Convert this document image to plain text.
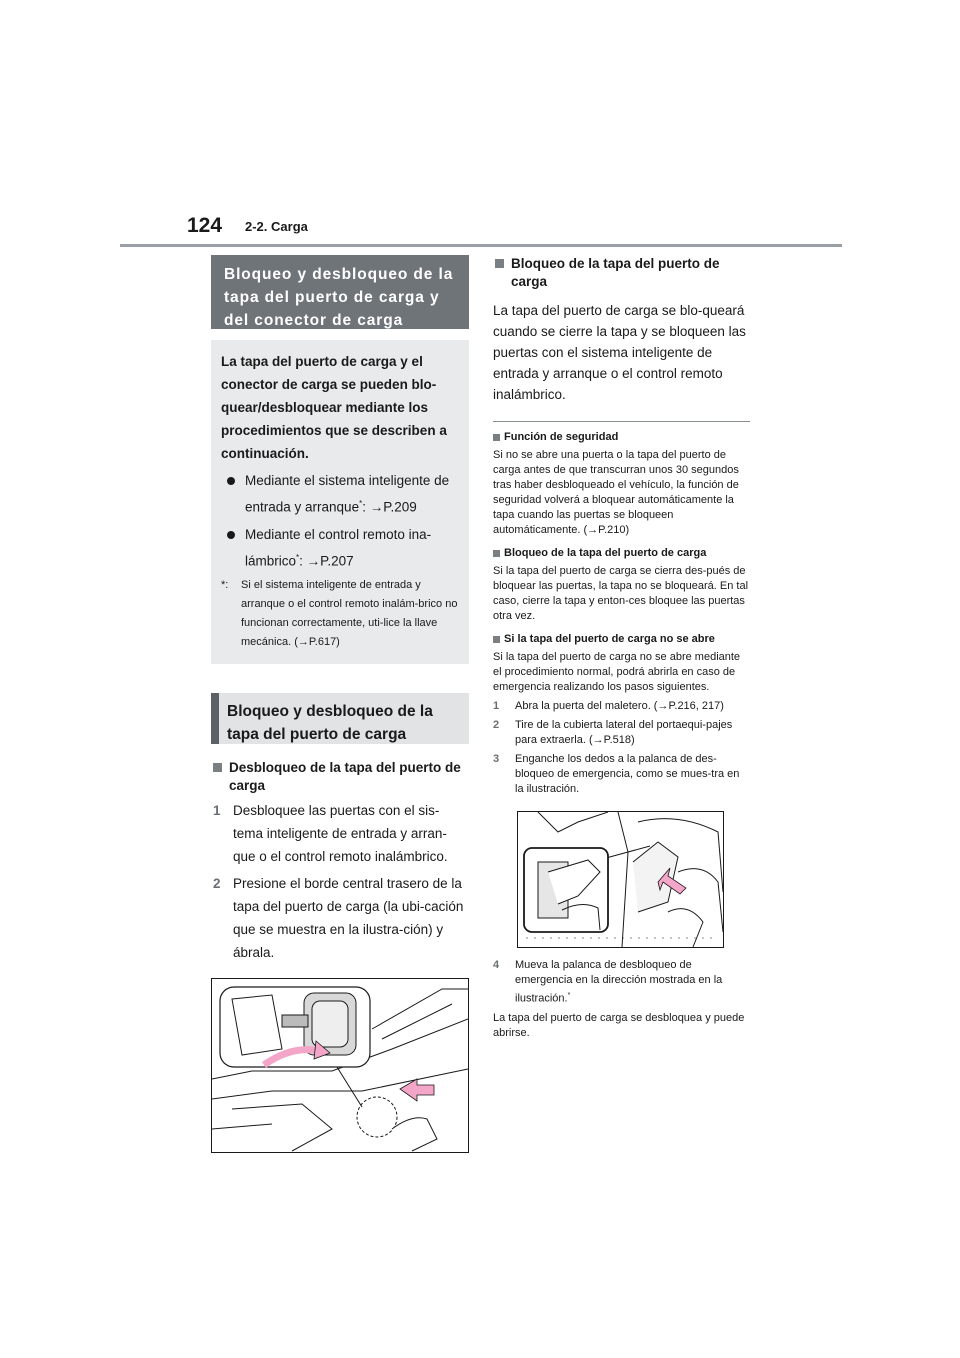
124 2-2. Carga
Bloqueo y desbloqueo de la tapa del puerto de carga y del conector de carga
La tapa del puerto de carga y el conector de carga se pueden blo-quear/desbloquear mediante los procedimientos que se describen a continuación.
Mediante el sistema inteligente de entrada y arranque*: →P.209
Mediante el control remoto ina-lámbrico*: →P.207
*:	Si el sistema inteligente de entrada y arranque o el control remoto inalám-brico no funcionan correctamente, uti-lice la llave mecánica. (→P.617)
Bloqueo y desbloqueo de la tapa del puerto de carga
Desbloqueo de la tapa del puerto de carga
1 Desbloquee las puertas con el sis-tema inteligente de entrada y arran-que o el control remoto inalámbrico.
2 Presione el borde central trasero de la tapa del puerto de carga (la ubi-cación que se muestra en la ilustra-ción) y ábrala.
Bloqueo de la tapa del puerto de carga
La tapa del puerto de carga se blo-queará cuando se cierre la tapa y se bloqueen las puertas con el sistema inteligente de entrada y arranque o el control remoto inalámbrico.
Función de seguridad
Si no se abre una puerta o la tapa del puerto de carga antes de que transcurran unos 30 segundos tras haber desbloqueado el vehículo, la función de seguridad volverá a bloquear automáticamente la tapa cuando las puertas se bloqueen automáticamente. (→P.210)
Bloqueo de la tapa del puerto de carga
Si la tapa del puerto de carga se cierra des-pués de bloquear las puertas, la tapa no se bloqueará. En tal caso, cierre la tapa y enton-ces bloquee las puertas otra vez.
Si la tapa del puerto de carga no se abre
Si la tapa del puerto de carga no se abre mediante el procedimiento normal, podrá abrirla en caso de emergencia realizando los pasos siguientes.
1	Abra la puerta del maletero. (→P.216, 217)
2	Tire de la cubierta lateral del portaequi-pajes para extraerla. (→P.518)
3	Enganche los dedos a la palanca de des-bloqueo de emergencia, como se mues-tra en la ilustración.
4	Mueva la palanca de desbloqueo de emergencia en la dirección mostrada en la ilustración.*
La tapa del puerto de carga se desbloquea y puede abrirse.
